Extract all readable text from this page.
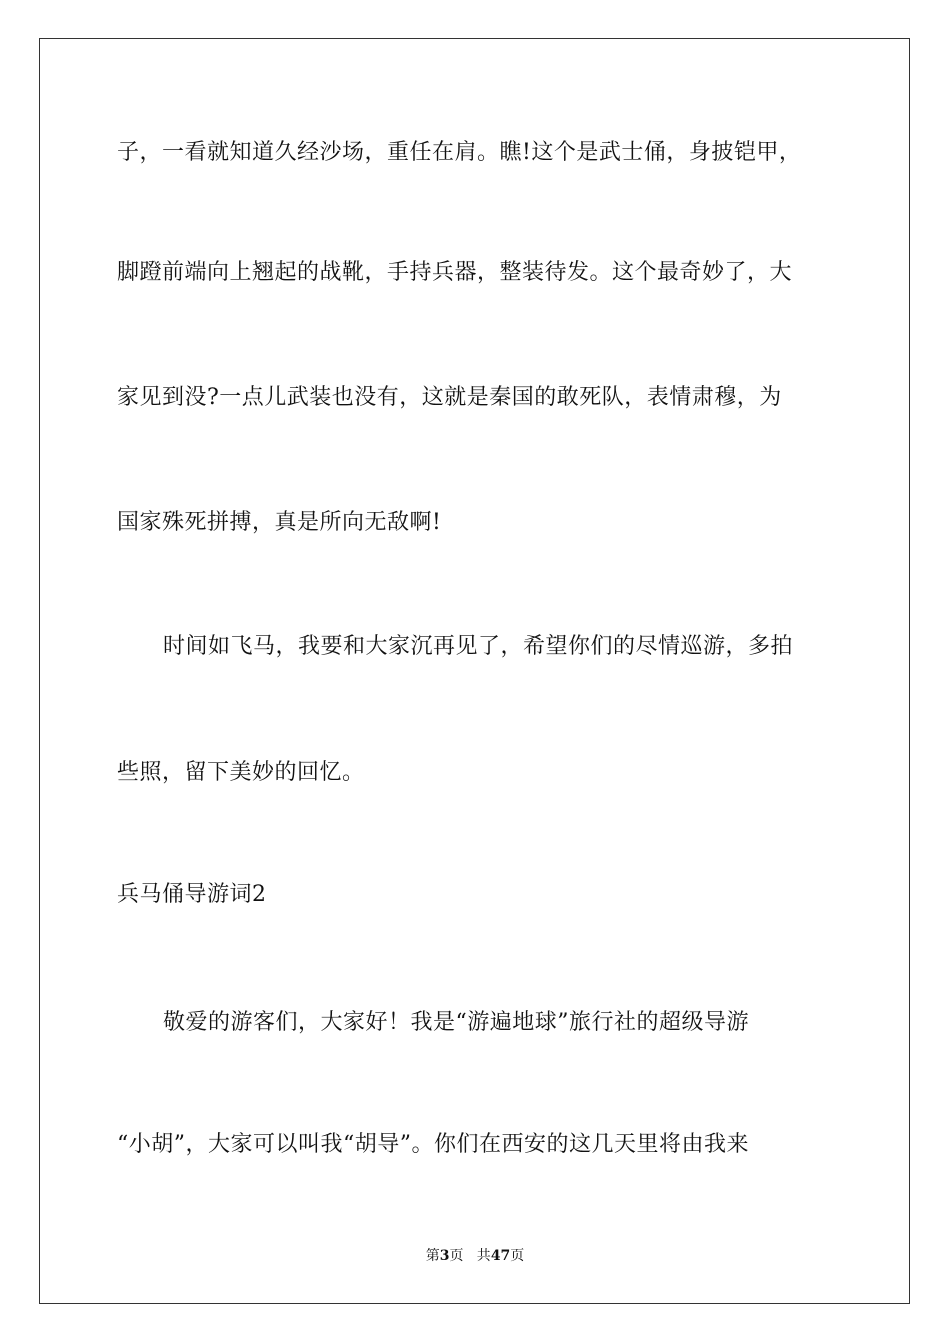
子，一看就知道久经沙场，重任在肩。瞧!这个是武士俑，身披铠甲，
脚蹬前端向上翘起的战靴，手持兵器，整装待发。这个最奇妙了，大
家见到没?一点儿武装也没有，这就是秦国的敢死队，表情肃穆，为
国家殊死拼搏，真是所向无敌啊!
时间如飞马，我要和大家沉再见了，希望你们的尽情巡游，多拍
些照，留下美妙的回忆。
兵马俑导游词2
敬爱的游客们，大家好！我是“游遍地球”旅行社的超级导游
“小胡”，大家可以叫我“胡导”。你们在西安的这几天里将由我来
第3页   共47页
